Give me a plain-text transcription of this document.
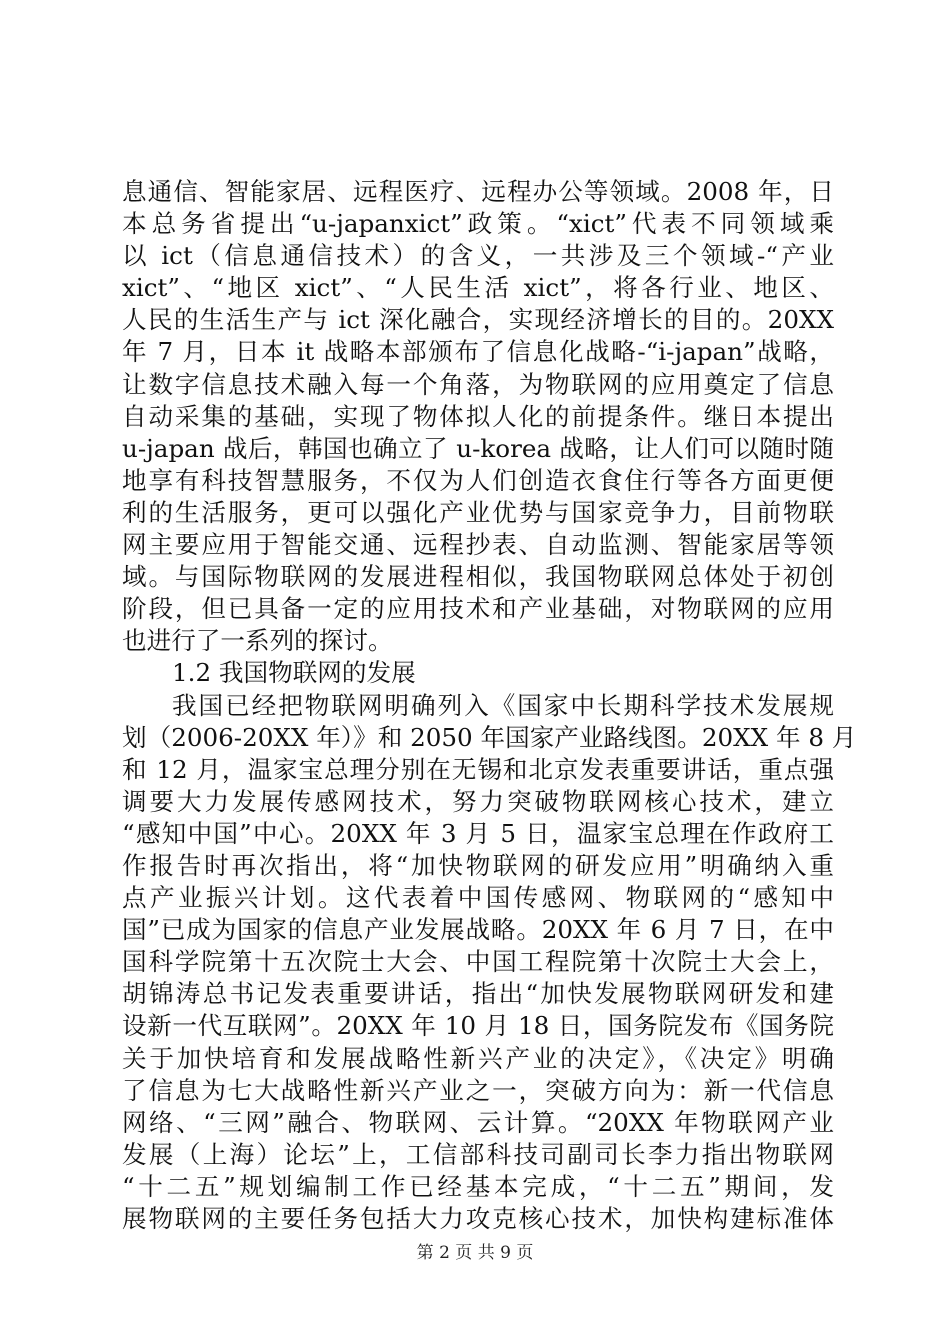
息通信、智能家居、远程医疗、远程办公等领域。2008 年，日
本总务省提出“u-japanxict”政策。“xict”代表不同领域乘
以 ict（信息通信技术）的含义，一共涉及三个领域-“产业
xict”、“地区 xict”、“人民生活 xict”，将各行业、地区、
人民的生活生产与 ict 深化融合，实现经济增长的目的。20XX
年 7 月，日本 it 战略本部颁布了信息化战略-“i-japan”战略，
让数字信息技术融入每一个角落，为物联网的应用奠定了信息
自动采集的基础，实现了物体拟人化的前提条件。继日本提出
u-japan 战后，韩国也确立了 u-korea 战略，让人们可以随时随
地享有科技智慧服务，不仅为人们创造衣食住行等各方面更便
利的生活服务，更可以强化产业优势与国家竞争力，目前物联
网主要应用于智能交通、远程抄表、自动监测、智能家居等领
域。与国际物联网的发展进程相似，我国物联网总体处于初创
阶段，但已具备一定的应用技术和产业基础，对物联网的应用
也进行了一系列的探讨。
1.2 我国物联网的发展
我国已经把物联网明确列入《国家中长期科学技术发展规
划（2006-20XX 年）》和 2050 年国家产业路线图。20XX 年 8 月
和 12 月，温家宝总理分别在无锡和北京发表重要讲话，重点强
调要大力发展传感网技术，努力突破物联网核心技术，建立
“感知中国”中心。20XX 年 3 月 5 日，温家宝总理在作政府工
作报告时再次指出，将“加快物联网的研发应用”明确纳入重
点产业振兴计划。这代表着中国传感网、物联网的“感知中
国”已成为国家的信息产业发展战略。20XX 年 6 月 7 日，在中
国科学院第十五次院士大会、中国工程院第十次院士大会上，
胡锦涛总书记发表重要讲话，指出“加快发展物联网研发和建
设新一代互联网”。20XX 年 10 月 18 日，国务院发布《国务院
关于加快培育和发展战略性新兴产业的决定》，《决定》明确
了信息为七大战略性新兴产业之一，突破方向为：新一代信息
网络、“三网”融合、物联网、云计算。“20XX 年物联网产业
发展（上海）论坛”上，工信部科技司副司长李力指出物联网
“十二五”规划编制工作已经基本完成，“十二五”期间，发
展物联网的主要任务包括大力攻克核心技术，加快构建标准体
第 2 页 共 9 页
